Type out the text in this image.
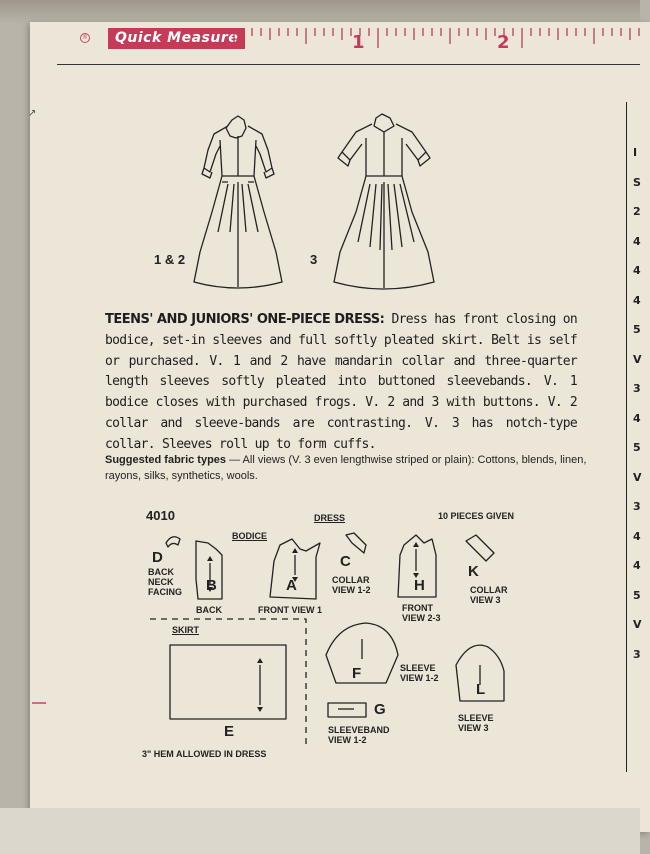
®	Quick Measure	1	2
I
S
2
4
4
4
5
V
3
4
5
V
3
4
4
5
V
3
↗
1 & 2	3
TEENS' AND JUNIORS' ONE-PIECE DRESS: Dress has front closing on bodice, set-in sleeves and full softly pleated skirt. Belt is self or purchased. V. 1 and 2 have mandarin collar and three-quarter length sleeves softly pleated into buttoned sleevebands. V. 1 bodice closes with purchased frogs. V. 2 and 3 with buttons. V. 2 collar and sleeve-bands are contrasting. V. 3 has notch-type collar. Sleeves roll up to form cuffs.
Suggested fabric types — All views (V. 3 even lengthwise striped or plain): Cottons, blends, linen, rayons, silks, synthetics, wools.
4010	10 PIECES GIVEN
BODICE
DRESS
SKIRT
D
BACK NECK FACING	B
BACK
A
FRONT VIEW 1
C
COLLAR VIEW 1-2	H
FRONT VIEW 2-3
K
COLLAR VIEW 3
F	SLEEVE VIEW 1-2
G
SLEEVEBAND VIEW 1-2
L
SLEEVE VIEW 3
E
3" HEM ALLOWED IN DRESS
